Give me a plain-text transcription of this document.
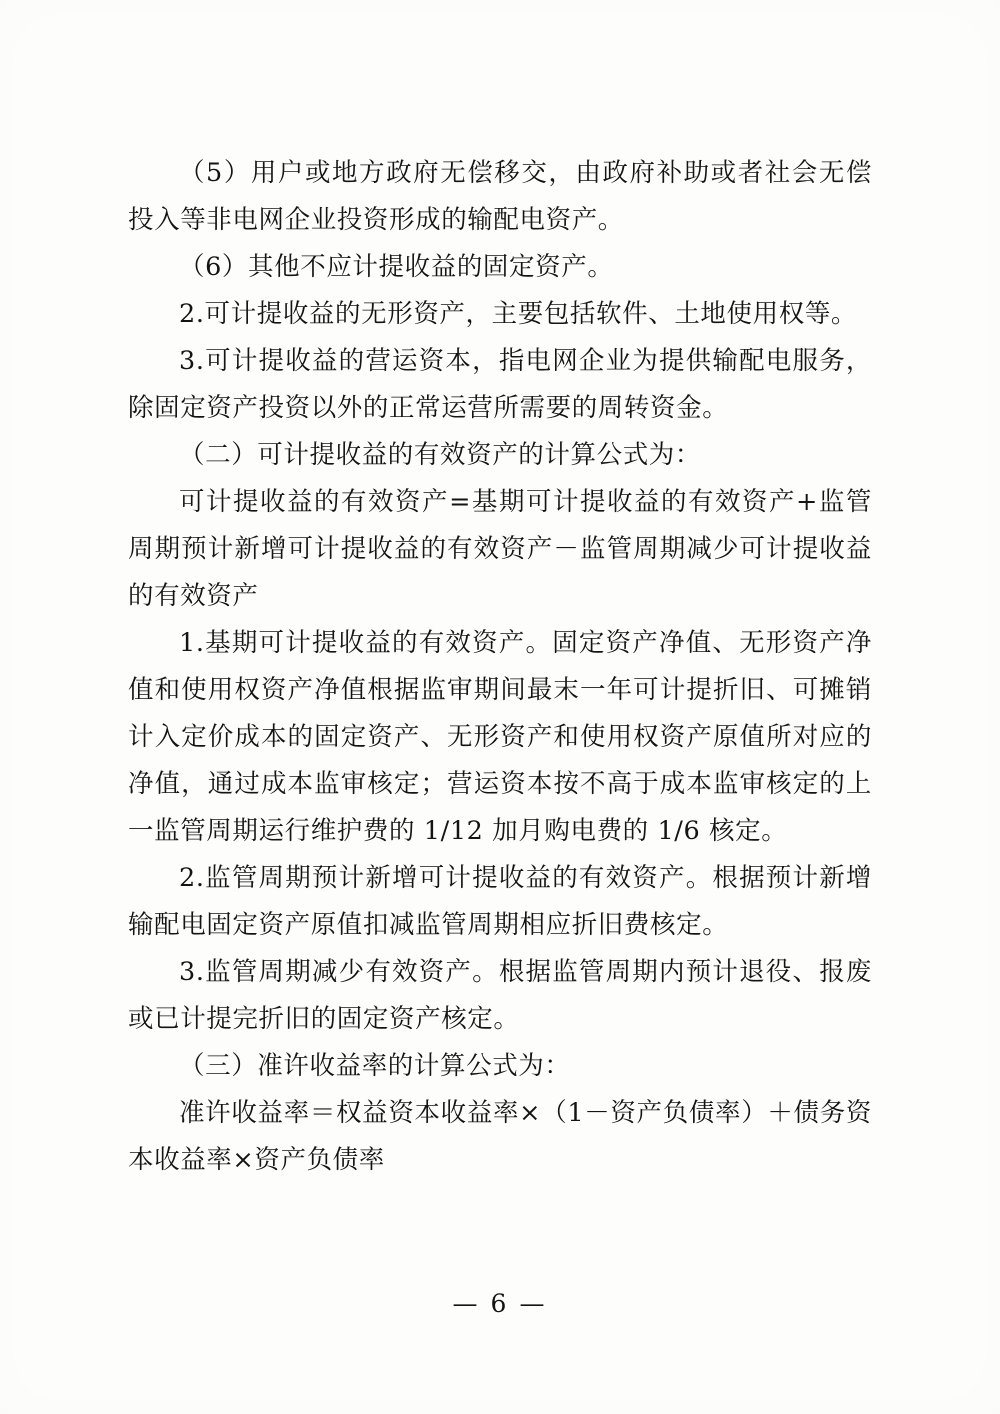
（5）用户或地方政府无偿移交，由政府补助或者社会无偿投入等非电网企业投资形成的输配电资产。

（6）其他不应计提收益的固定资产。

2.可计提收益的无形资产，主要包括软件、土地使用权等。

3.可计提收益的营运资本，指电网企业为提供输配电服务，除固定资产投资以外的正常运营所需要的周转资金。

（二）可计提收益的有效资产的计算公式为：

可计提收益的有效资产=基期可计提收益的有效资产+监管周期预计新增可计提收益的有效资产－监管周期减少可计提收益的有效资产

1.基期可计提收益的有效资产。固定资产净值、无形资产净值和使用权资产净值根据监审期间最末一年可计提折旧、可摊销计入定价成本的固定资产、无形资产和使用权资产原值所对应的净值，通过成本监审核定；营运资本按不高于成本监审核定的上一监管周期运行维护费的 1/12 加月购电费的 1/6 核定。

2.监管周期预计新增可计提收益的有效资产。根据预计新增输配电固定资产原值扣减监管周期相应折旧费核定。

3.监管周期减少有效资产。根据监管周期内预计退役、报废或已计提完折旧的固定资产核定。

（三）准许收益率的计算公式为：

准许收益率＝权益资本收益率×（1－资产负债率）＋债务资本收益率×资产负债率

— 6 —
